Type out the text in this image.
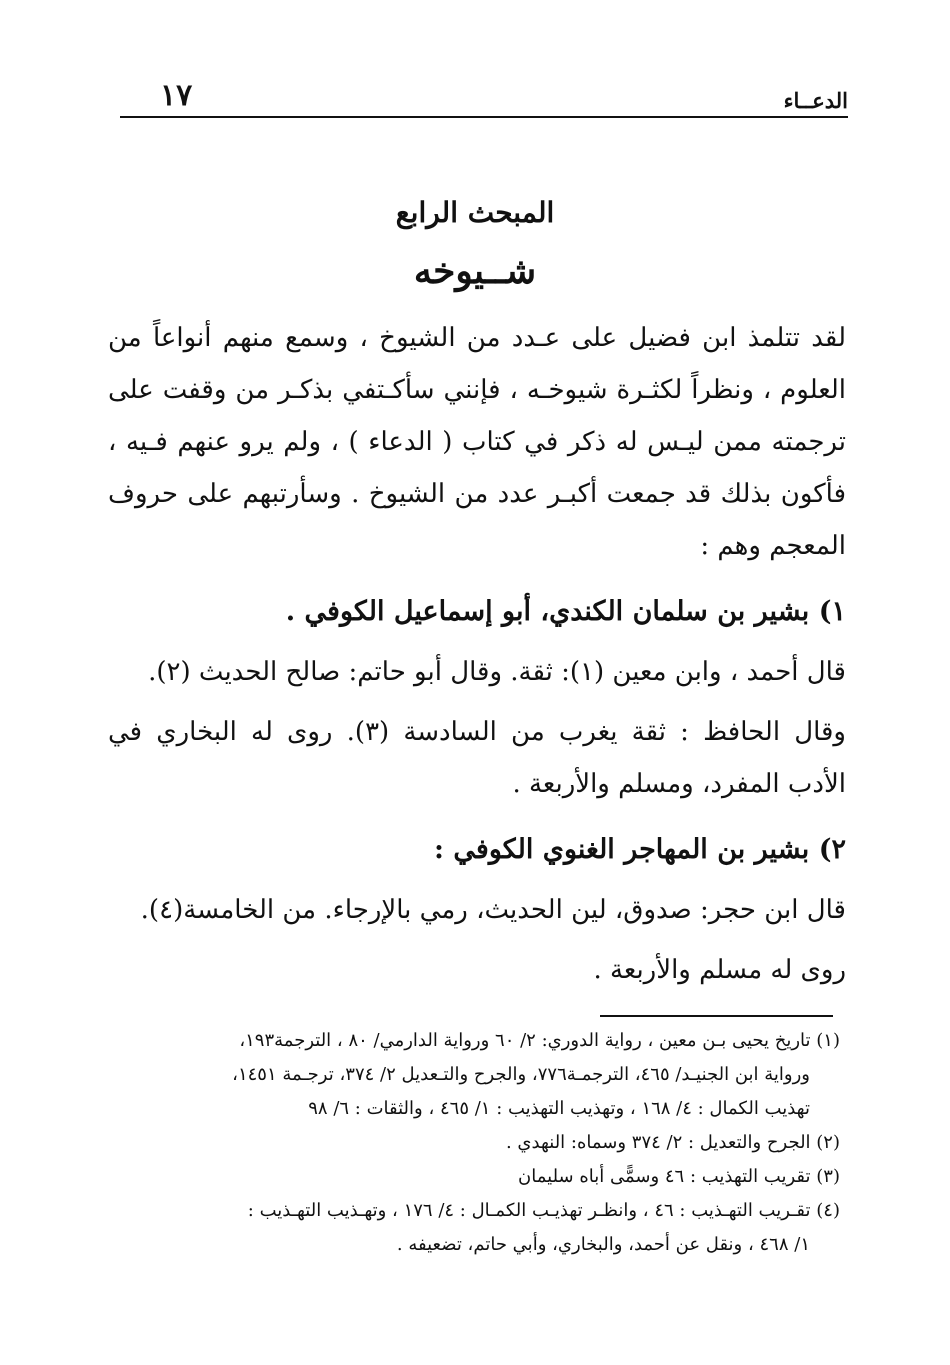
الدعــاء
١٧
المبحث الرابع
شــيوخه

لقد تتلمذ ابن فضيل على عـدد من الشيوخ ، وسمع منهم أنواعاً من العلوم ، ونظراً لكثـرة شيوخـه ، فإنني سأكـتفي بذكـر من وقفت على ترجمته ممن ليـس له ذكر في كتاب ( الدعاء ) ، ولم يرو عنهم فـيه ، فأكون بذلك قد جمعت أكبـر عدد من الشيوخ . وسأرتبهم على حروف المعجم وهم :

١) بشير بن سلمان الكندي، أبو إسماعيل الكوفي .

قال أحمد ، وابن معين (١): ثقة. وقال أبو حاتم: صالح الحديث (٢).

وقال الحافظ : ثقة يغرب من السادسة (٣). روى له البخاري في الأدب المفرد، ومسلم والأربعة .

٢) بشير بن المهاجر الغنوي الكوفي :

قال ابن حجر: صدوق، لين الحديث، رمي بالإرجاء. من الخامسة(٤).

روى له مسلم والأربعة .

(١) تاريخ يحيى بـن معين ، رواية الدوري: ٢/ ٦٠ ورواية الدارمي/ ٨٠ ، الترجمة١٩٣،

ورواية ابن الجنيـد/ ٤٦٥، الترجمـة٧٧٦، والجرح والتـعديل ٢/ ٣٧٤، ترجـمة ١٤٥١،

تهذيب الكمال : ٤/ ١٦٨ ، وتهذيب التهذيب : ١/ ٤٦٥ ، والثقات : ٦/ ٩٨

(٢) الجرح والتعديل : ٢/ ٣٧٤ وسماه: النهدي .

(٣) تقريب التهذيب : ٤٦ وسمًّى أباه سليمان

(٤) تقـريب التهـذيب : ٤٦ ، وانظـر تهذيـب الكمـال : ٤/ ١٧٦ ، وتهـذيب التهـذيب :

١/ ٤٦٨ ، ونقل عن أحمد، والبخاري، وأبي حاتم، تضعيفه .
